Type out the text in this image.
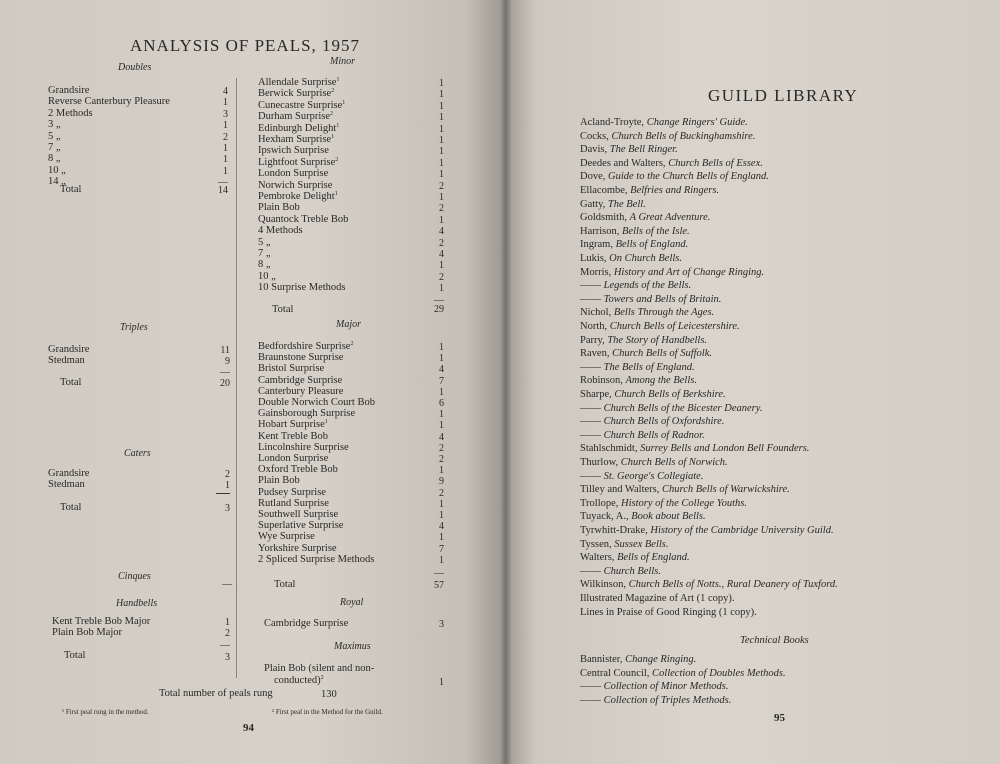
ANALYSIS OF PEALS, 1957
Doubles
Minor
Grandsire	4
Reverse Canterbury Pleasure	1
2 Methods	3
3 „	1
5 „	2
7 „	1
8 „	1
10 „	1
14 „	—
Total	14
Allendale Surprise$^1$	1
Berwick Surprise$^2$	1
Cunecastre Surprise$^1$	1
Durham Surprise$^2$	1
Edinburgh Delight$^1$	1
Hexham Surprise$^1$	1
Ipswich Surprise	1
Lightfoot Surprise$^2$	1
London Surprise	1
Norwich Surprise	2
Pembroke Delight$^1$	1
Plain Bob	2
Quantock Treble Bob	1
4 Methods	4
5 „	2
7 „	4
8 „	1
10 „	2
10 Surprise Methods	1
—
Total	29
Triples	Major
Grandsire	11
Stedman	9
—
Total	20
Bedfordshire Surprise$^2$	1
Braunstone Surprise	1
Bristol Surprise	4
Cambridge Surprise	7
Canterbury Pleasure	1
Double Norwich Court Bob	6
Gainsborough Surprise	1
Hobart Surprise$^1$	1
Kent Treble Bob	4
Lincolnshire Surprise	2
London Surprise	2
Oxford Treble Bob	1
Plain Bob	9
Pudsey Surprise	2
Rutland Surprise	1
Southwell Surprise	1
Superlative Surprise	4
Wye Surprise	1
Yorkshire Surprise	7
2 Spliced Surprise Methods	1
—
Total	57
Caters
Grandsire	2
Stedman	1
Total	3
Cinques
—
Handbells
Kent Treble Bob Major	1
Plain Bob Major	2
—
Total	3
Royal
Cambridge Surprise	3
Maximus
Plain Bob (silent and non-
conducted)$^2$	1
Total number of peals rung	130
¹ First peal rung in the method.	² First peal in the Method for the Guild.
94
GUILD LIBRARY
Acland-Troyte, Change Ringers' Guide.
Cocks, Church Bells of Buckinghamshire.
Davis, The Bell Ringer.
Deedes and Walters, Church Bells of Essex.
Dove, Guide to the Church Bells of England.
Ellacombe, Belfries and Ringers.
Gatty, The Bell.
Goldsmith, A Great Adventure.
Harrison, Bells of the Isle.
Ingram, Bells of England.
Lukis, On Church Bells.
Morris, History and Art of Change Ringing.
—— Legends of the Bells.
—— Towers and Bells of Britain.
Nichol, Bells Through the Ages.
North, Church Bells of Leicestershire.
Parry, The Story of Handbells.
Raven, Church Bells of Suffolk.
—— The Bells of England.
Robinson, Among the Bells.
Sharpe, Church Bells of Berkshire.
—— Church Bells of the Bicester Deanery.
—— Church Bells of Oxfordshire.
—— Church Bells of Radnor.
Stahlschmidt, Surrey Bells and London Bell Founders.
Thurlow, Church Bells of Norwich.
—— St. George's Collegiate.
Tilley and Walters, Church Bells of Warwickshire.
Trollope, History of the College Youths.
Tuyack, A., Book about Bells.
Tyrwhitt-Drake, History of the Cambridge University Guild.
Tyssen, Sussex Bells.
Walters, Bells of England.
—— Church Bells.
Wilkinson, Church Bells of Notts., Rural Deanery of Tuxford.
Illustrated Magazine of Art (1 copy).
Lines in Praise of Good Ringing (1 copy).
Technical Books
Bannister, Change Ringing.
Central Council, Collection of Doubles Methods.
—— Collection of Minor Methods.
—— Collection of Triples Methods.
95
